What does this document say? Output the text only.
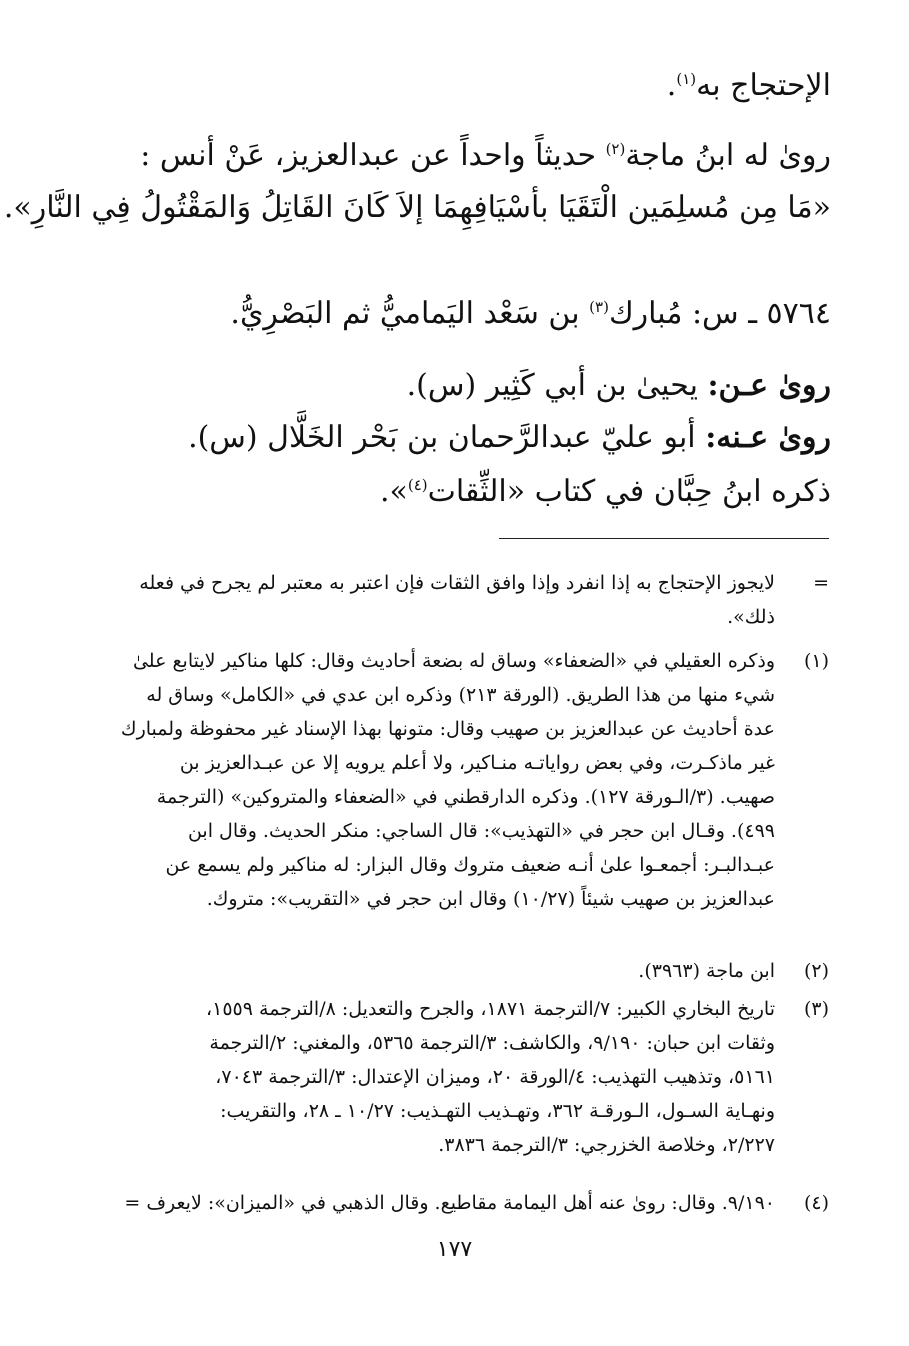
الإحتجاج به$^{(١)}$.
روىٰ له ابنُ ماجة$^{(٢)}$ حديثاً واحداً عن عبدالعزيز، عَنْ أنس :
«مَا مِن مُسلِمَين الْتَقَيَا بأسْيَافِهِمَا إلاَ كَانَ القَاتِلُ وَالمَقْتُولُ فِي النَّارِ».
٥٧٦٤ ـ س: مُبارك$^{(٣)}$ بن سَعْد اليَماميُّ ثم البَصْرِيُّ.
روىٰ عـن: يحيىٰ بن أبي كَثِير (س).
روىٰ عـنه: أبو عليّ عبدالرَّحمان بن بَحْر الخَلَّال (س).
ذكره ابنُ حِبَّان في كتاب «الثِّقات$^{(٤)}$».
=

لايجوز الإحتجاج به إذا انفرد وإذا وافق الثقات فإن اعتبر به معتبر لم يجرح في فعله

ذلك».

(١)

وذكره العقيلي في «الضعفاء» وساق له بضعة أحاديث وقال: كلها مناكير لايتابع علىٰ

شيء منها من هذا الطريق. (الورقة ٢١٣) وذكره ابن عدي في «الكامل» وساق له

عدة أحاديث عن عبدالعزيز بن صهيب وقال: متونها بهذا الإسناد غير محفوظة ولمبارك

غير ماذكـرت، وفي بعض رواياتـه منـاكير، ولا أعلم يرويه إلا عن عبـدالعزيز بن

صهيب. (٣/الـورقة ١٢٧). وذكره الدارقطني في «الضعفاء والمتروكين» (الترجمة

٤٩٩). وقـال ابن حجر في «التهذيب»: قال الساجي: منكر الحديث. وقال ابن

عبـدالبـر: أجمعـوا علىٰ أنـه ضعيف متروك وقال البزار: له مناكير ولم يسمع عن

عبدالعزيز بن صهيب شيئاً (١٠/٢٧) وقال ابن حجر في «التقريب»: متروك.

(٢)

ابن ماجة (٣٩٦٣).

(٣)

تاريخ البخاري الكبير: ٧/الترجمة ١٨٧١، والجرح والتعديل: ٨/الترجمة ١٥٥٩،

وثقات ابن حبان: ٩/١٩٠، والكاشف: ٣/الترجمة ٥٣٦٥، والمغني: ٢/الترجمة

٥١٦١، وتذهيب التهذيب: ٤/الورقة ٢٠، وميزان الإعتدال: ٣/الترجمة ٧٠٤٣،

ونهـاية السـول، الـورقـة ٣٦٢، وتهـذيب التهـذيب: ١٠/٢٧ ـ ٢٨، والتقريب:

٢/٢٢٧، وخلاصة الخزرجي: ٣/الترجمة ٣٨٣٦.

(٤)

٩/١٩٠. وقال: روىٰ عنه أهل اليمامة مقاطيع. وقال الذهبي في «الميزان»: لايعرف =

١٧٧
